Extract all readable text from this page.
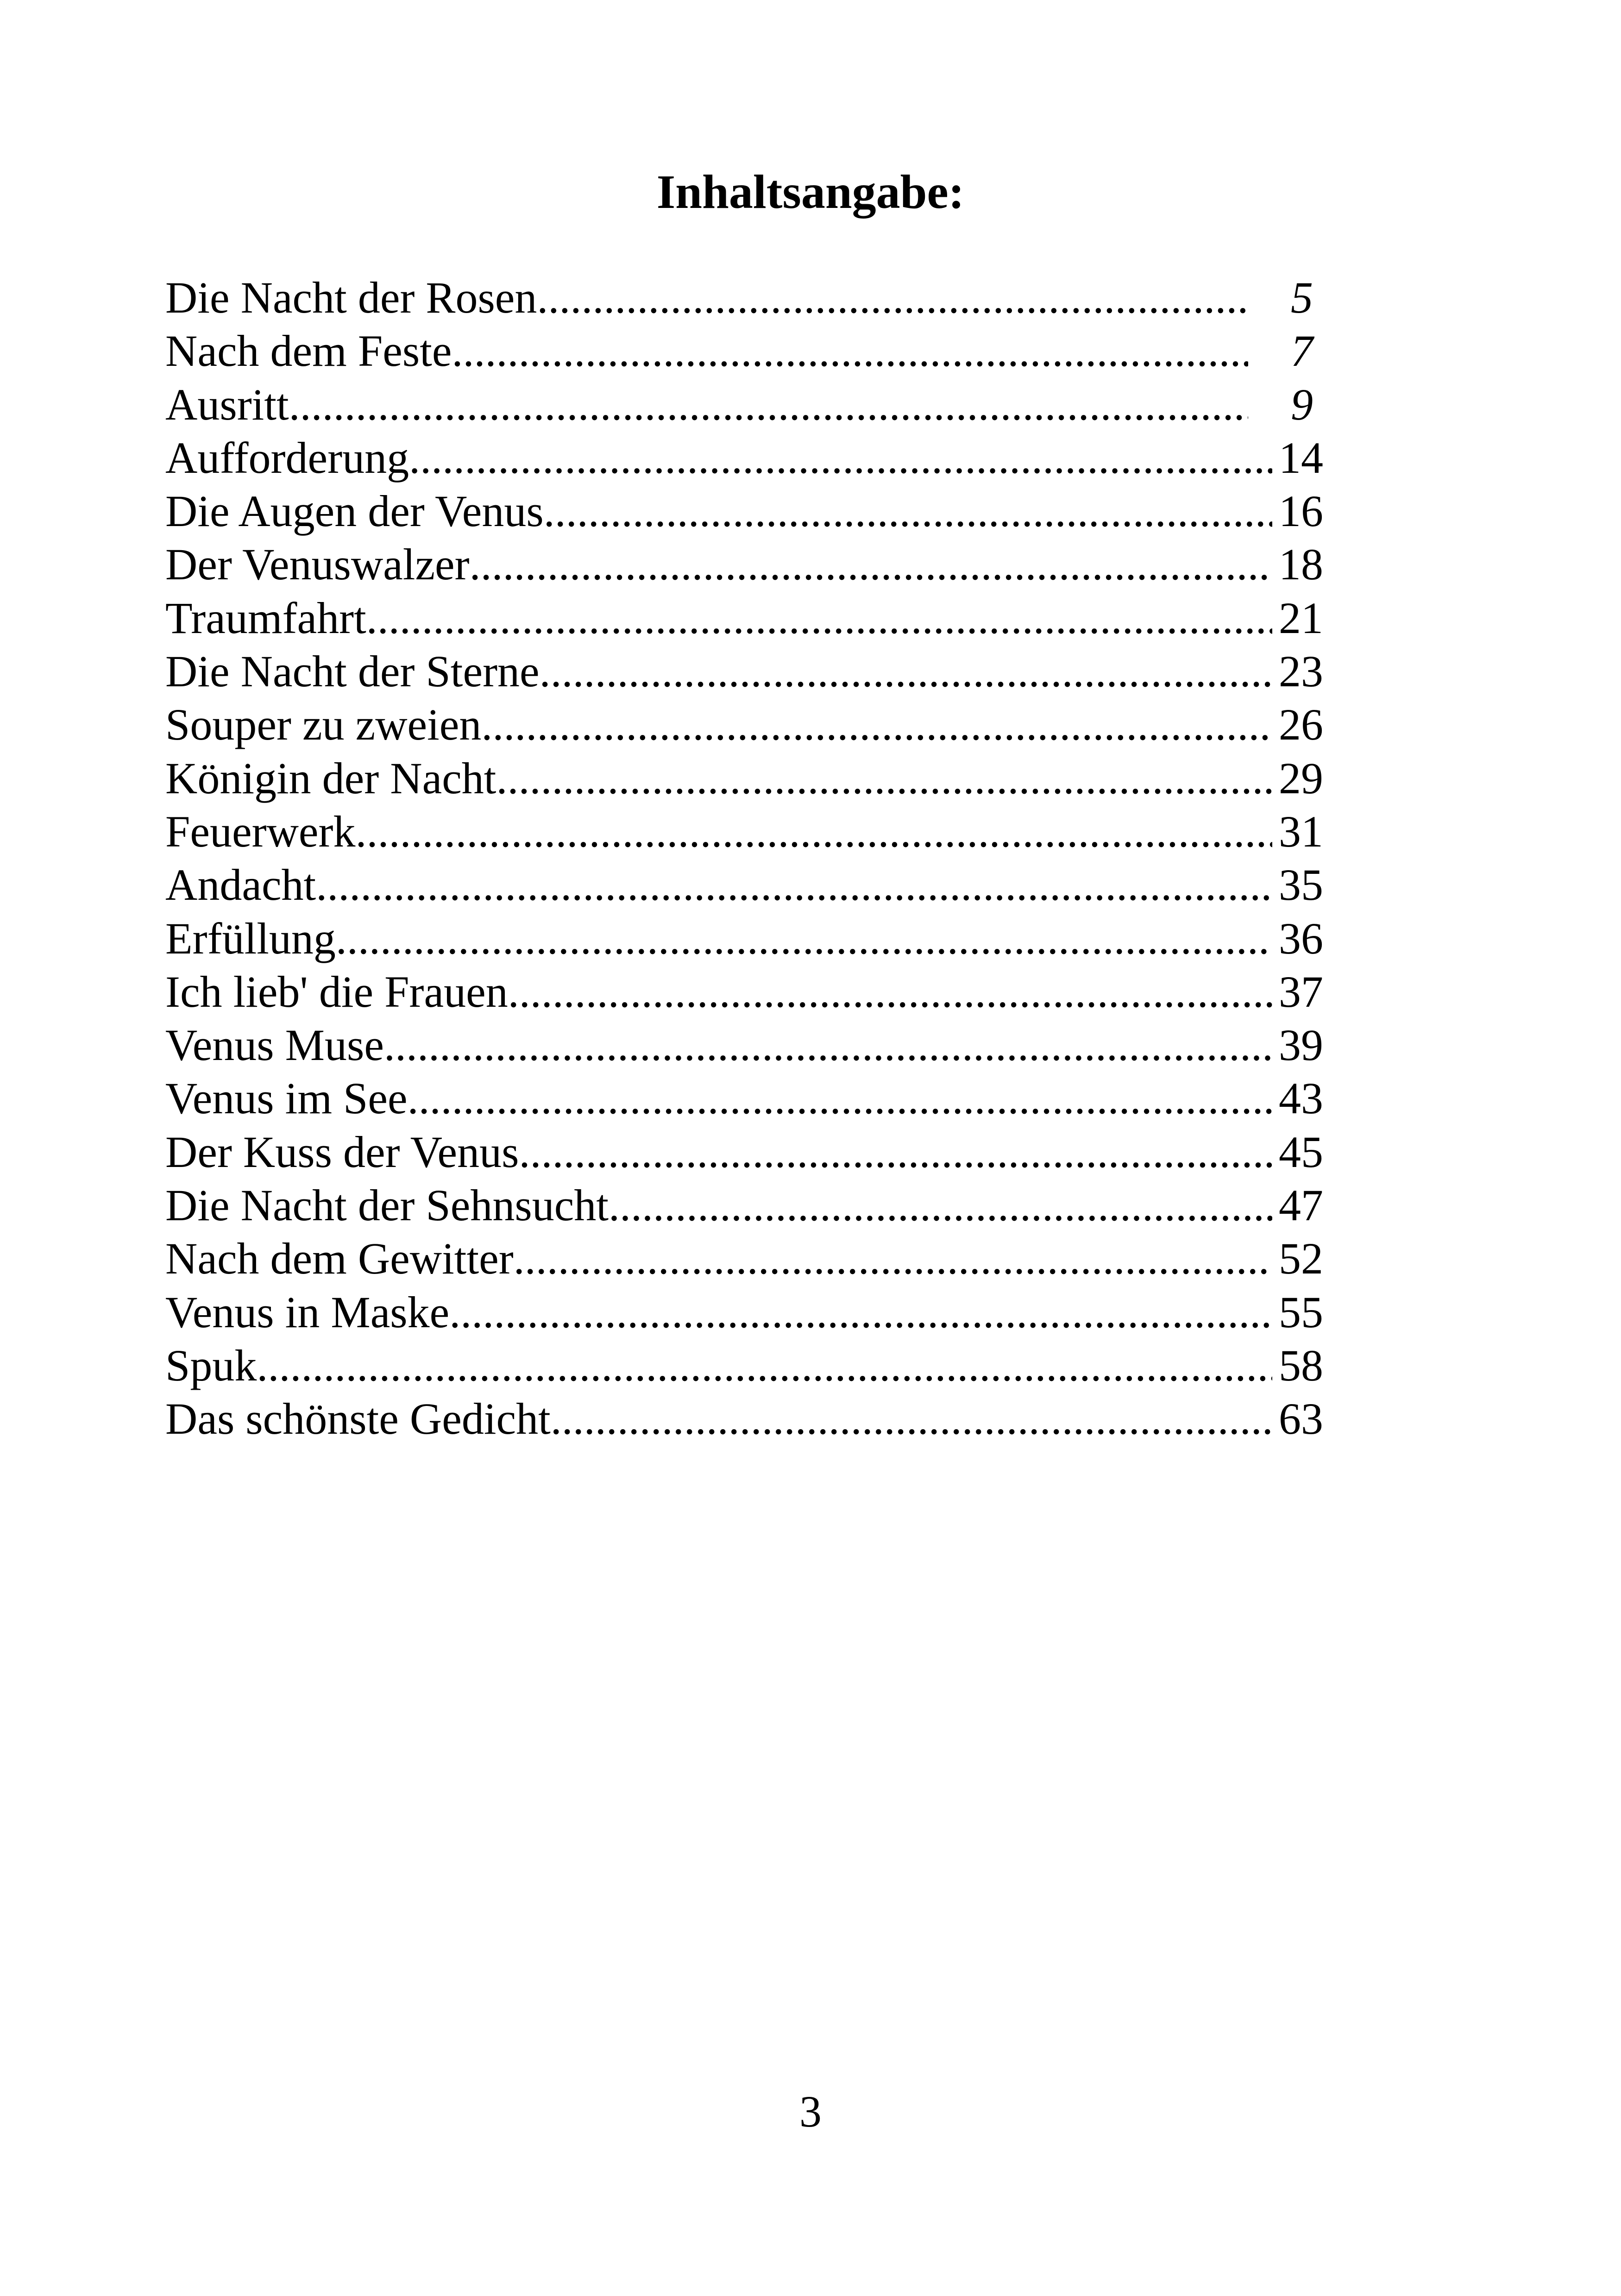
Inhaltsangabe:
Die Nacht der Rosen .....	5
Nach dem Feste .....	7
Ausritt .....	9
Aufforderung .....	14
Die Augen der Venus .....	16
Der Venuswalzer .....	18
Traumfahrt .....	21
Die Nacht der Sterne .....	23
Souper zu zweien .....	26
Königin der Nacht .....	29
Feuerwerk .....	31
Andacht .....	35
Erfüllung .....	36
Ich lieb' die Frauen .....	37
Venus Muse .....	39
Venus im See .....	43
Der Kuss der Venus .....	45
Die Nacht der Sehnsucht .....	47
Nach dem Gewitter .....	52
Venus in Maske .....	55
Spuk .....	58
Das schönste Gedicht .....	63
3
